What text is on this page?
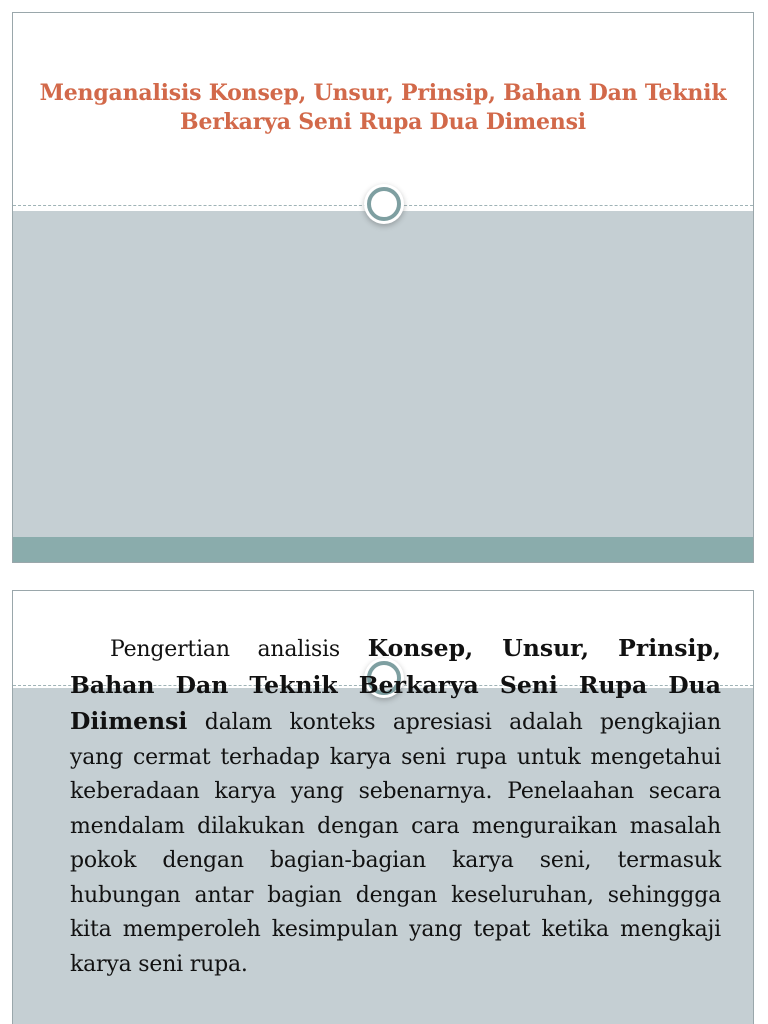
Menganalisis Konsep, Unsur, Prinsip, Bahan Dan Teknik Berkarya Seni Rupa Dua Dimensi

Pengertian analisis Konsep, Unsur, Prinsip, Bahan Dan Teknik Berkarya Seni Rupa Dua Diimensi dalam konteks apresiasi adalah pengkajian yang cermat terhadap karya seni rupa untuk mengetahui keberadaan karya yang sebenarnya. Penelaahan secara mendalam dilakukan dengan cara menguraikan masalah pokok dengan bagian-bagian karya seni, termasuk hubungan antar bagian dengan keseluruhan, sehinggga kita memperoleh kesimpulan yang tepat ketika mengkaji karya seni rupa.
